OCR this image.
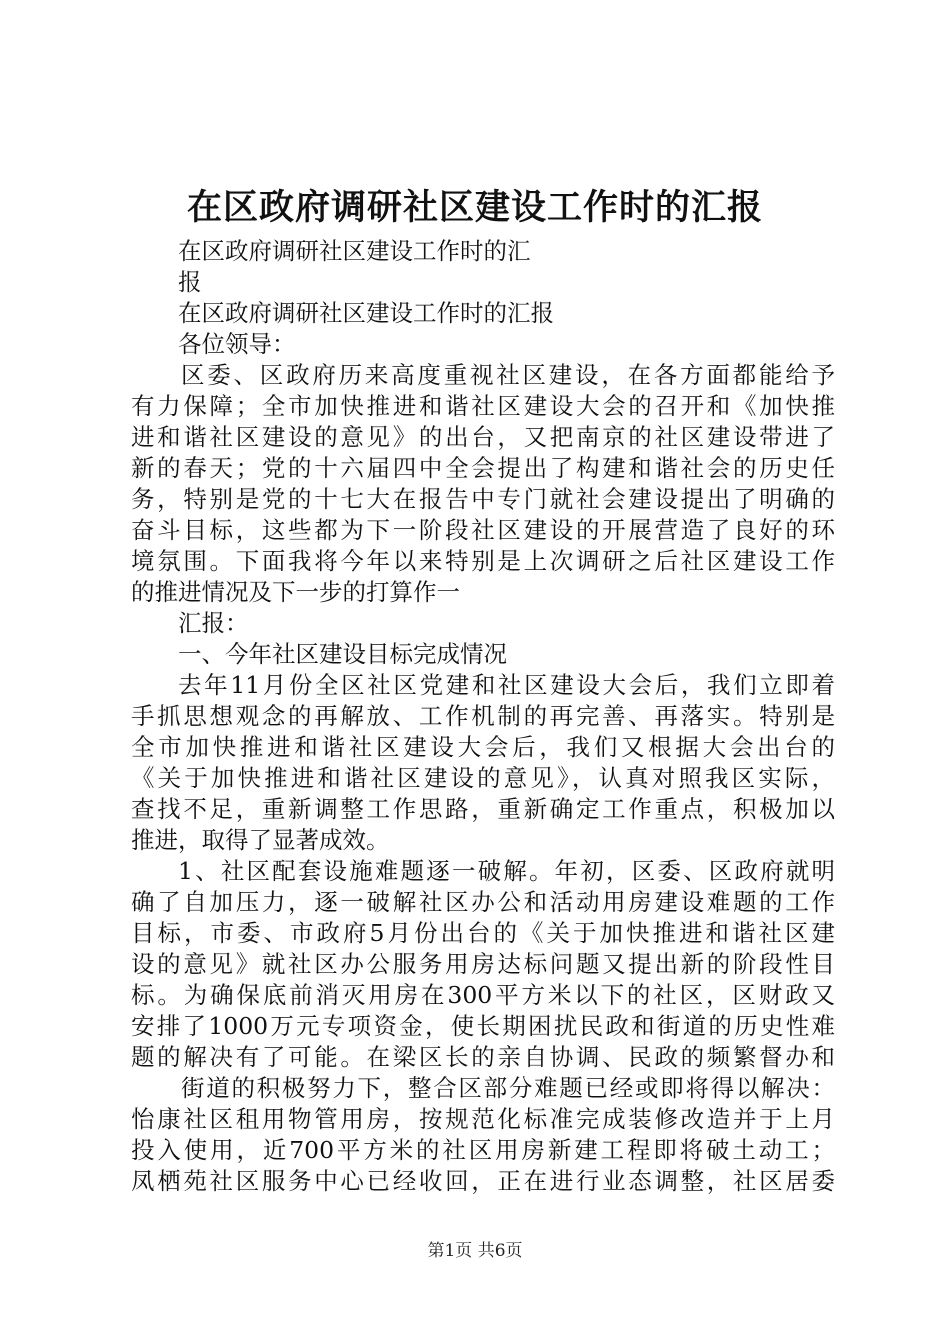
在区政府调研社区建设工作时的汇报
在区政府调研社区建设工作时的汇
报
在区政府调研社区建设工作时的汇报
各位领导：
区委、区政府历来高度重视社区建设，在各方面都能给予
有力保障；全市加快推进和谐社区建设大会的召开和《加快推
进和谐社区建设的意见》的出台，又把南京的社区建设带进了
新的春天；党的十六届四中全会提出了构建和谐社会的历史任
务，特别是党的十七大在报告中专门就社会建设提出了明确的
奋斗目标，这些都为下一阶段社区建设的开展营造了良好的环
境氛围。下面我将今年以来特别是上次调研之后社区建设工作
的推进情况及下一步的打算作一
汇报：
一、今年社区建设目标完成情况
去年11月份全区社区党建和社区建设大会后，我们立即着
手抓思想观念的再解放、工作机制的再完善、再落实。特别是
全市加快推进和谐社区建设大会后，我们又根据大会出台的
《关于加快推进和谐社区建设的意见》，认真对照我区实际，
查找不足，重新调整工作思路，重新确定工作重点，积极加以
推进，取得了显著成效。
1、社区配套设施难题逐一破解。年初，区委、区政府就明
确了自加压力，逐一破解社区办公和活动用房建设难题的工作
目标，市委、市政府5月份出台的《关于加快推进和谐社区建
设的意见》就社区办公服务用房达标问题又提出新的阶段性目
标。为确保底前消灭用房在300平方米以下的社区，区财政又
安排了1000万元专项资金，使长期困扰民政和街道的历史性难
题的解决有了可能。在梁区长的亲自协调、民政的频繁督办和
街道的积极努力下，整合区部分难题已经或即将得以解决：
怡康社区租用物管用房，按规范化标准完成装修改造并于上月
投入使用，近700平方米的社区用房新建工程即将破土动工；
凤栖苑社区服务中心已经收回，正在进行业态调整，社区居委
第1页 共6页
